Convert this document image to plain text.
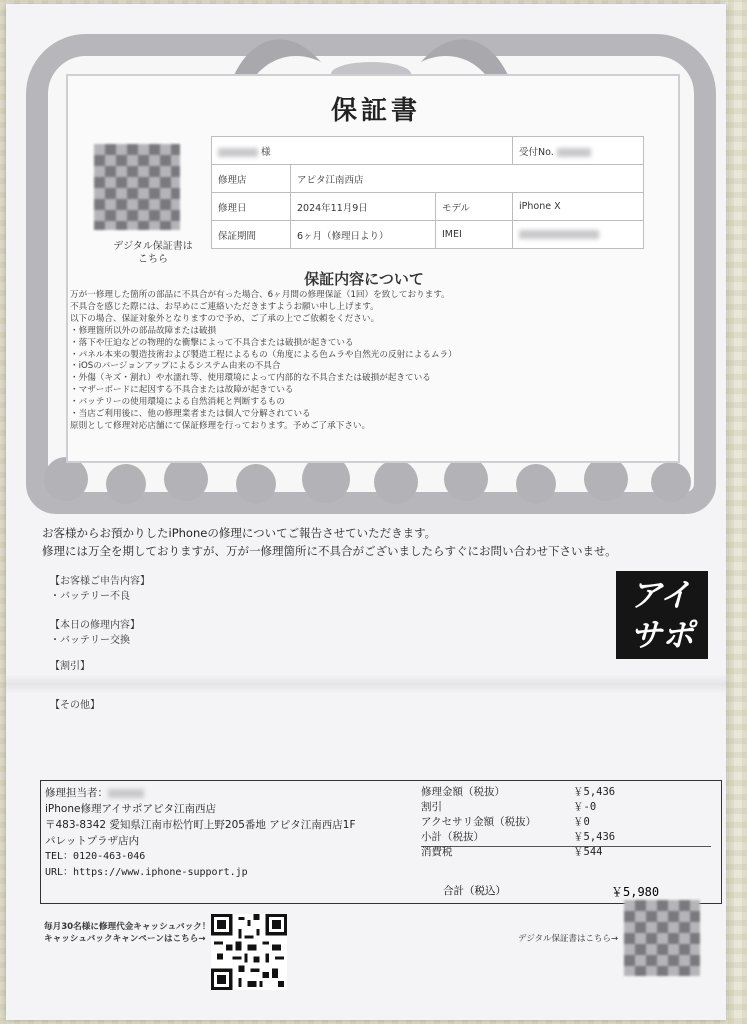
保証書
デジタル保証書は
こちら
様			受付No.
修理店	アピタ江南西店		
修理日	2024年11月9日	モデル	iPhone X
保証期間	6ヶ月（修理日より）	IMEI	
保証内容について
万が一修理した箇所の部品に不具合が有った場合、6ヶ月間の修理保証（1回）を致しております。
不具合を感じた際には、お早めにご連絡いただきますようお願い申し上げます。
以下の場合、保証対象外となりますので予め、ご了承の上でご依頼をください。
・修理箇所以外の部品故障または破損
・落下や圧迫などの物理的な衝撃によって不具合または破損が起きている
・パネル本来の製造技術および製造工程によるもの（角度による色ムラや自然光の反射によるムラ）
・iOSのバージョンアップによるシステム由来の不具合
・外傷（キズ・割れ）や水濡れ等、使用環境によって内部的な不具合または破損が起きている
・マザーボードに起因する不具合または故障が起きている
・バッテリーの使用環境による自然消耗と判断するもの
・当店ご利用後に、他の修理業者または個人で分解されている
原則として修理対応店舗にて保証修理を行っております。予めご了承下さい。
お客様からお預かりしたiPhoneの修理についてご報告させていただきます。
修理には万全を期しておりますが、万が一修理箇所に不具合がございましたらすぐにお問い合わせ下さいませ。
【お客様ご申告内容】
・バッテリー不良
【本日の修理内容】
・バッテリー交換
【割引】
【その他】
アイ
サポ
修理担当者：
iPhone修理アイサポアピタ江南西店
〒483-8342 愛知県江南市松竹町上野205番地 アピタ江南西店1F
パレットプラザ店内
TEL：0120-463-046
URL：https://www.iphone-support.jp
修理金額（税抜）	￥5,436
割引	￥-0
アクセサリ金額（税抜）	￥0
小計（税抜）	￥5,436
消費税	￥544
合計（税込）	￥5,980
毎月30名様に修理代金キャッシュバック！
キャッシュバックキャンペーンはこちら→	デジタル保証書はこちら→
